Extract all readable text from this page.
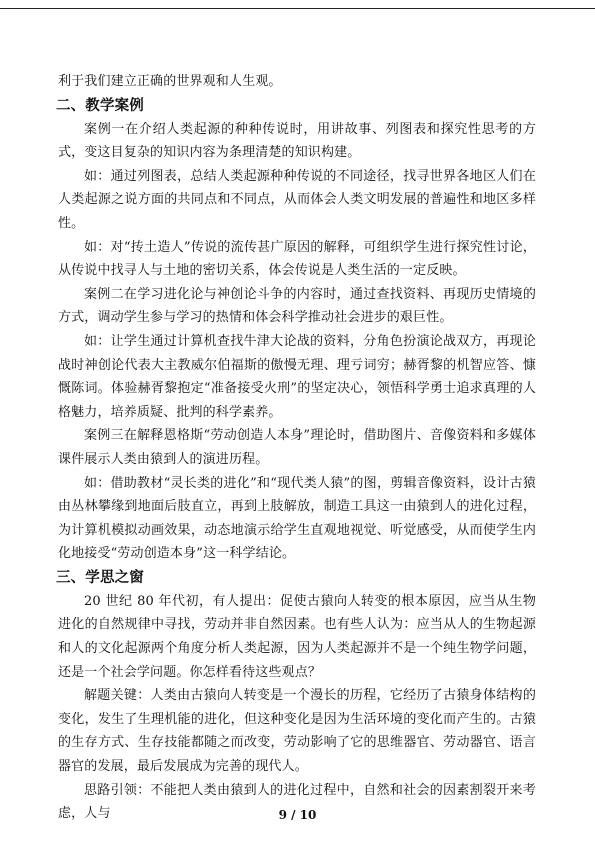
利于我们建立正确的世界观和人生观。

二、教学案例

案例一在介绍人类起源的种种传说时，用讲故事、列图表和探究性思考的方式，变这目复杂的知识内容为条理清楚的知识构建。

如：通过列图表，总结人类起源种种传说的不同途径，找寻世界各地区人们在人类起源之说方面的共同点和不同点，从而体会人类文明发展的普遍性和地区多样性。

如：对“抟土造人”传说的流传甚广原因的解释，可组织学生进行探究性讨论，从传说中找寻人与土地的密切关系，体会传说是人类生活的一定反映。

案例二在学习进化论与神创论斗争的内容时，通过查找资料、再现历史情境的方式，调动学生参与学习的热情和体会科学推动社会进步的艰巨性。

如：让学生通过计算机查找牛津大论战的资料，分角色扮演论战双方，再现论战时神创论代表大主教威尔伯福斯的傲慢无理、理亏词穷；赫胥黎的机智应答、慷慨陈词。体验赫胥黎抱定“准备接受火刑”的坚定决心，领悟科学勇士追求真理的人格魅力，培养质疑、批判的科学素养。

案例三在解释恩格斯“劳动创造人本身”理论时，借助图片、音像资料和多媒体课件展示人类由猿到人的演进历程。

如：借助教材“灵长类的进化”和“现代类人猿”的图，剪辑音像资料，设计古猿由丛林攀缘到地面后肢直立，再到上肢解放，制造工具这一由猿到人的进化过程，为计算机模拟动画效果，动态地演示给学生直观地视觉、听觉感受，从而使学生内化地接受“劳动创造本身”这一科学结论。

三、学思之窗

20 世纪 80 年代初，有人提出：促使古猿向人转变的根本原因，应当从生物进化的自然规律中寻找，劳动并非自然因素。也有些人认为：应当从人的生物起源和人的文化起源两个角度分析人类起源，因为人类起源并不是一个纯生物学问题，还是一个社会学问题。你怎样看待这些观点？

解题关键：人类由古猿向人转变是一个漫长的历程，它经历了古猿身体结构的变化，发生了生理机能的进化，但这种变化是因为生活环境的变化而产生的。古猿的生存方式、生存技能都随之而改变，劳动影响了它的思维器官、劳动器官、语言器官的发展，最后发展成为完善的现代人。

思路引领：不能把人类由猿到人的进化过程中，自然和社会的因素割裂开来考虑，人与	9 / 10
